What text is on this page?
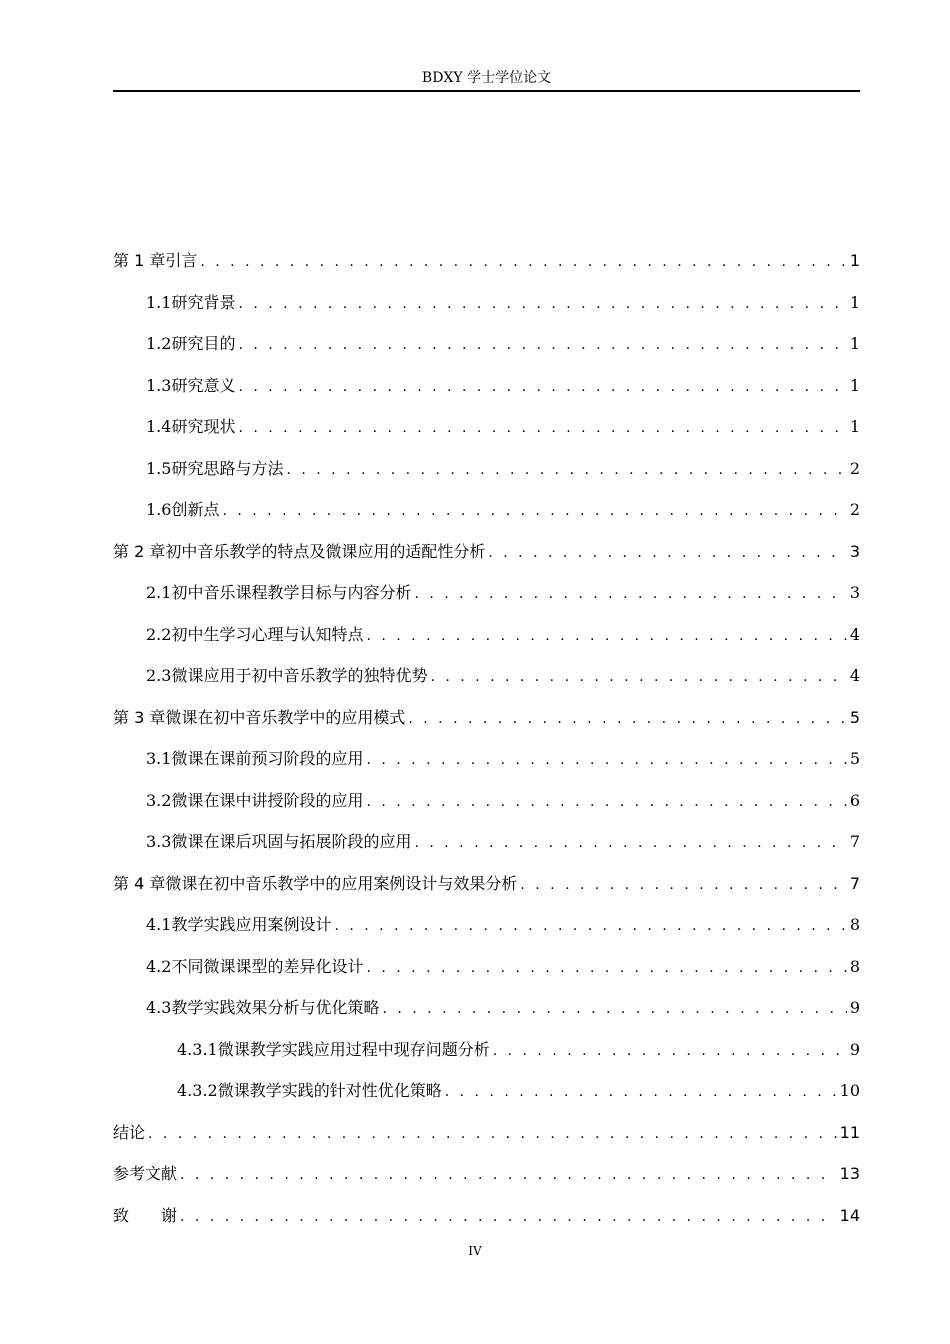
BDXY 学士学位论文
第 1 章 引言 . . .	1
1.1 研究背景 . . .	1
1.2 研究目的 . . .	1
1.3 研究意义 . . .	1
1.4 研究现状 . . .	1
1.5 研究思路与方法 . . .	2
1.6 创新点 . . .	2
第 2 章 初中音乐教学的特点及微课应用的适配性分析 . . .	3
2.1 初中音乐课程教学目标与内容分析 . . .	3
2.2 初中生学习心理与认知特点 . . .	4
2.3 微课应用于初中音乐教学的独特优势 . . .	4
第 3 章 微课在初中音乐教学中的应用模式 . . .	5
3.1 微课在课前预习阶段的应用 . . .	5
3.2 微课在课中讲授阶段的应用 . . .	6
3.3 微课在课后巩固与拓展阶段的应用 . . .	7
第 4 章 微课在初中音乐教学中的应用案例设计与效果分析 . . .	7
4.1 教学实践应用案例设计 . . .	8
4.2 不同微课课型的差异化设计 . . .	8
4.3 教学实践效果分析与优化策略 . . .	9
4.3.1 微课教学实践应用过程中现存问题分析 . . .	9
4.3.2 微课教学实践的针对性优化策略 . . .	10
结论 . . .	11
参考文献 . . .	13
致　　谢 . . .	14
IV
